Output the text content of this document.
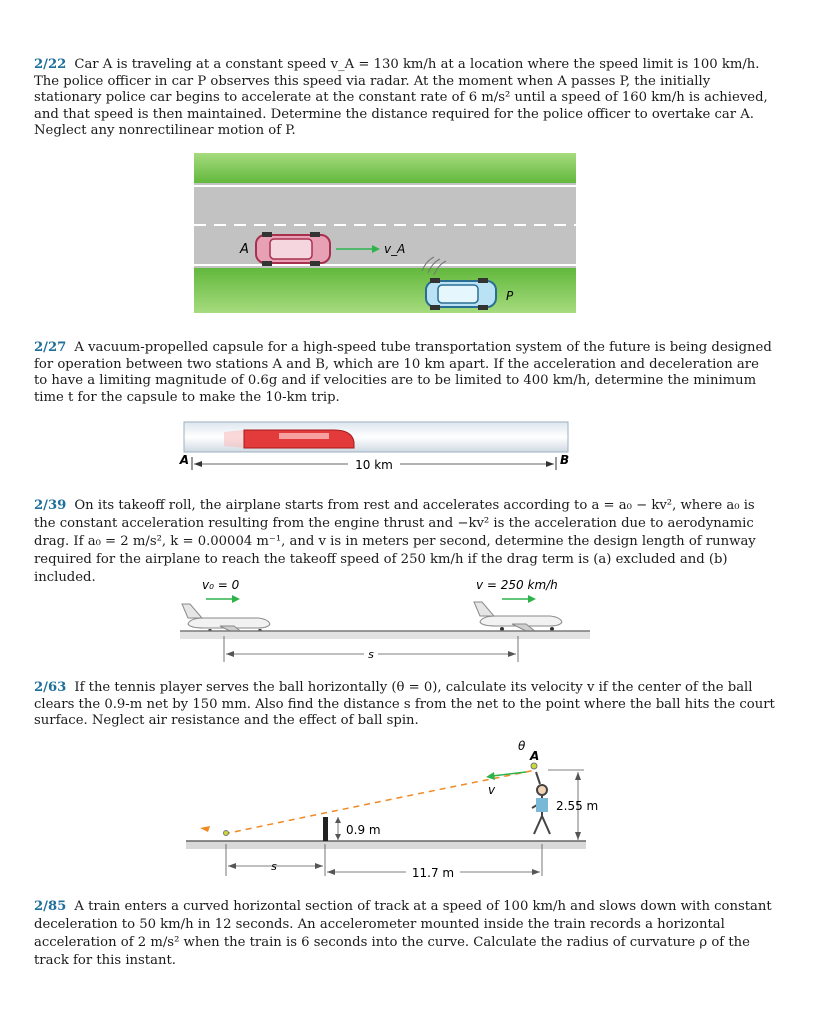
2/22 Car A is traveling at a constant speed v_A = 130 km/h at a location where the speed limit is 100 km/h. The police officer in car P observes this speed via radar. At the moment when A passes P, the initially stationary police car begins to accelerate at the constant rate of 6 m/s² until a speed of 160 km/h is achieved, and that speed is then maintained. Determine the distance required for the police officer to overtake car A. Neglect any nonrectilinear motion of P.
A	v_A
P
2/27 A vacuum-propelled capsule for a high-speed tube transportation system of the future is being designed for operation between two stations A and B, which are 10 km apart. If the acceleration and deceleration are to have a limiting magnitude of 0.6g and if velocities are to be limited to 400 km/h, determine the minimum time t for the capsule to make the 10-km trip.
A	B
10 km
2/39 On its takeoff roll, the airplane starts from rest and accelerates according to a = a₀ − kv², where a₀ is the constant acceleration resulting from the engine thrust and −kv² is the acceleration due to aerodynamic drag. If a₀ = 2 m/s², k = 0.00004 m⁻¹, and v is in meters per second, determine the design length of runway required for the airplane to reach the takeoff speed of 250 km/h if the drag term is (a) excluded and (b) included.	v₀ = 0	v = 250 km/h
s
2/63 If the tennis player serves the ball horizontally (θ = 0), calculate its velocity v if the center of the ball clears the 0.9-m net by 150 mm. Also find the distance s from the net to the point where the ball hits the court surface. Neglect air resistance and the effect of ball spin.
θ
A
v
2.55 m
0.9 m
s	11.7 m
2/85 A train enters a curved horizontal section of track at a speed of 100 km/h and slows down with constant deceleration to 50 km/h in 12 seconds. An accelerometer mounted inside the train records a horizontal acceleration of 2 m/s² when the train is 6 seconds into the curve. Calculate the radius of curvature ρ of the track for this instant.
